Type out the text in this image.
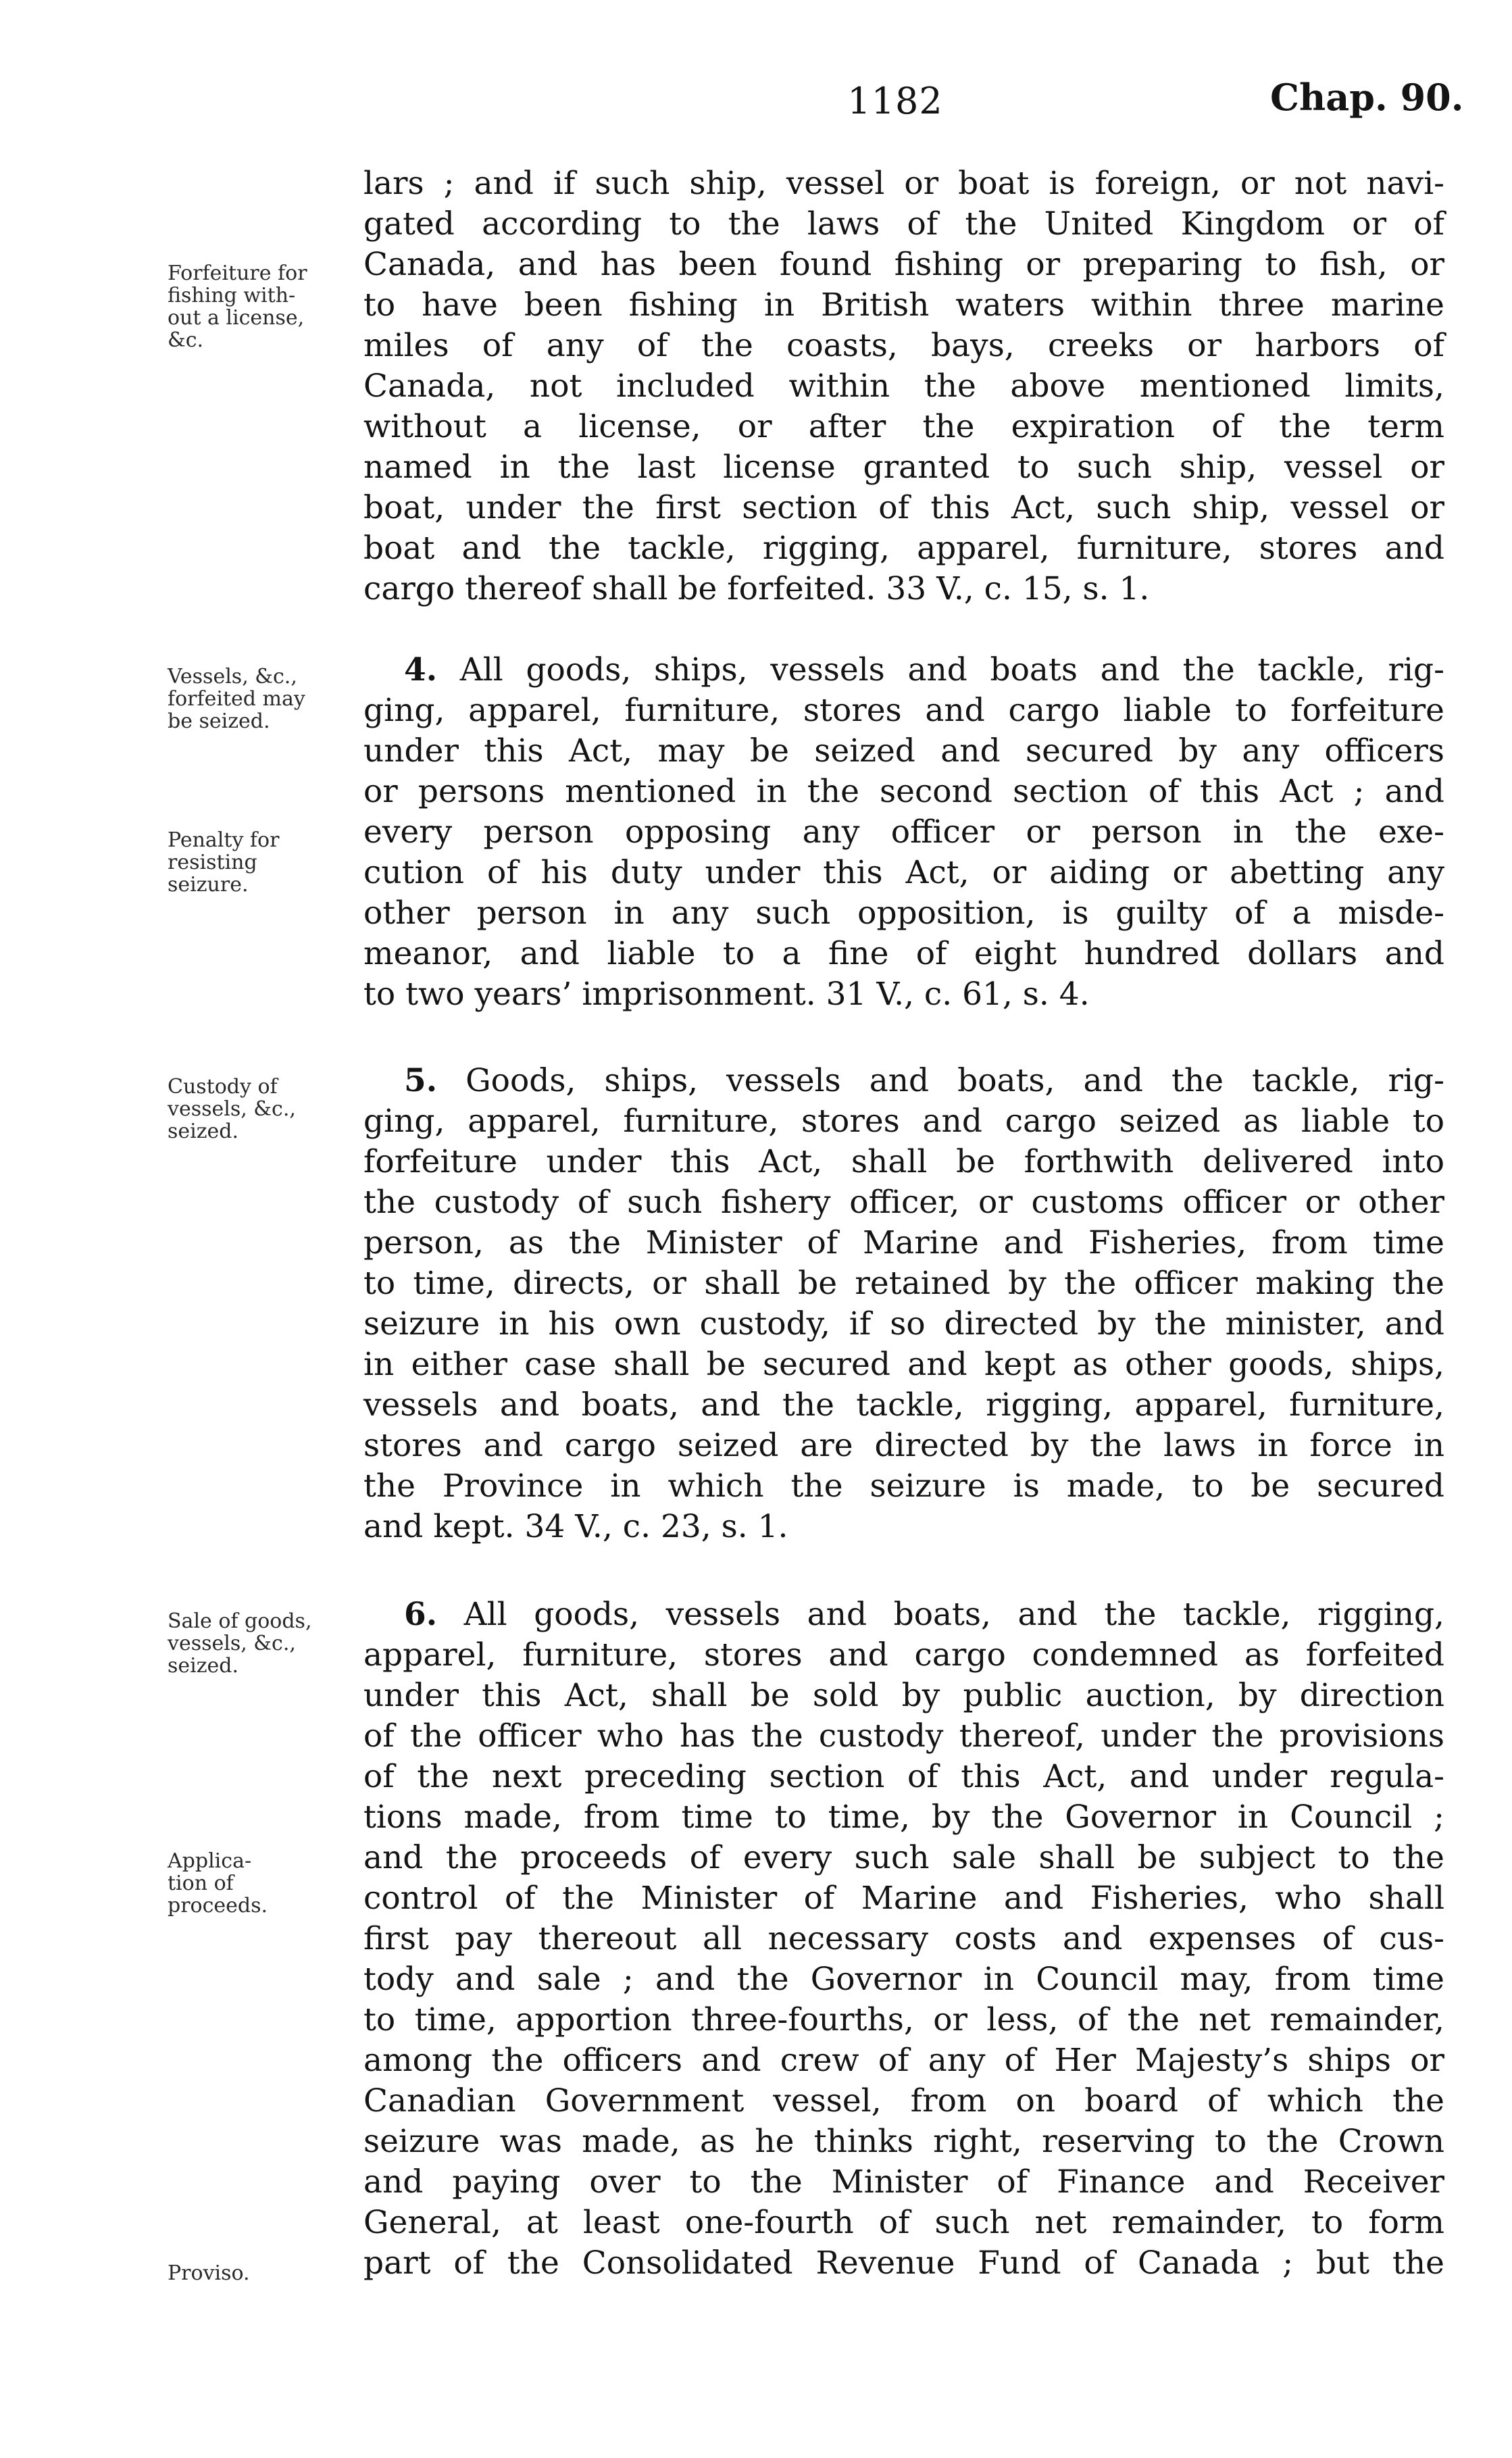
1182	Chap. 90.
Forfeiture for
fishing with-
out a license,
&c.
Vessels, &c.,
forfeited may
be seized.
Penalty for
resisting
seizure.
Custody of
vessels, &c.,
seized.
Sale of goods,
vessels, &c.,
seized.
Applica-
tion of
proceeds.
Proviso.
lars ; and if such ship, vessel or boat is foreign, or not navi-
gated according to the laws of the United Kingdom or of
Canada, and has been found fishing or preparing to fish, or
to have been fishing in British waters within three marine
miles of any of the coasts, bays, creeks or harbors of
Canada, not included within the above mentioned limits,
without a license, or after the expiration of the term
named in the last license granted to such ship, vessel or
boat, under the first section of this Act, such ship, vessel or
boat and the tackle, rigging, apparel, furniture, stores and
cargo thereof shall be forfeited. 33 V., c. 15, s. 1.
4. All goods, ships, vessels and boats and the tackle, rig-
ging, apparel, furniture, stores and cargo liable to forfeiture
under this Act, may be seized and secured by any officers
or persons mentioned in the second section of this Act ; and
every person opposing any officer or person in the exe-
cution of his duty under this Act, or aiding or abetting any
other person in any such opposition, is guilty of a misde-
meanor, and liable to a fine of eight hundred dollars and
to two years’ imprisonment. 31 V., c. 61, s. 4.
5. Goods, ships, vessels and boats, and the tackle, rig-
ging, apparel, furniture, stores and cargo seized as liable to
forfeiture under this Act, shall be forthwith delivered into
the custody of such fishery officer, or customs officer or other
person, as the Minister of Marine and Fisheries, from time
to time, directs, or shall be retained by the officer making the
seizure in his own custody, if so directed by the minister, and
in either case shall be secured and kept as other goods, ships,
vessels and boats, and the tackle, rigging, apparel, furniture,
stores and cargo seized are directed by the laws in force in
the Province in which the seizure is made, to be secured
and kept. 34 V., c. 23, s. 1.
6. All goods, vessels and boats, and the tackle, rigging,
apparel, furniture, stores and cargo condemned as forfeited
under this Act, shall be sold by public auction, by direction
of the officer who has the custody thereof, under the provisions
of the next preceding section of this Act, and under regula-
tions made, from time to time, by the Governor in Council ;
and the proceeds of every such sale shall be subject to the
control of the Minister of Marine and Fisheries, who shall
first pay thereout all necessary costs and expenses of cus-
tody and sale ; and the Governor in Council may, from time
to time, apportion three-fourths, or less, of the net remainder,
among the officers and crew of any of Her Majesty’s ships or
Canadian Government vessel, from on board of which the
seizure was made, as he thinks right, reserving to the Crown
and paying over to the Minister of Finance and Receiver
General, at least one-fourth of such net remainder, to form
part of the Consolidated Revenue Fund of Canada ; but the
